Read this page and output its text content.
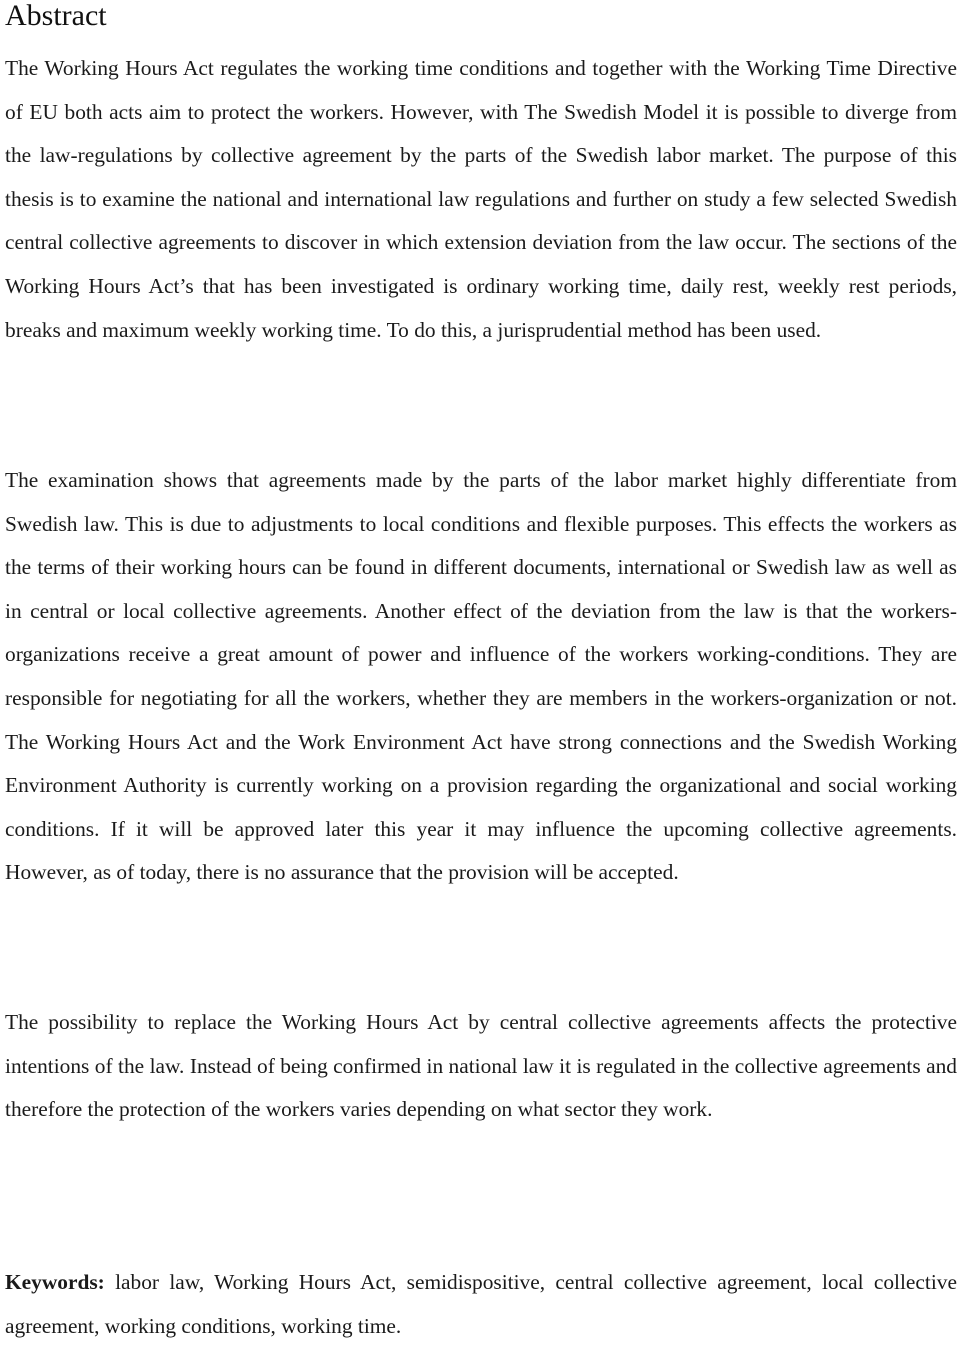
Abstract

The Working Hours Act regulates the working time conditions and together with the Working Time Directive of EU both acts aim to protect the workers. However, with The Swedish Model it is possible to diverge from the law-regulations by collective agreement by the parts of the Swedish labor market. The purpose of this thesis is to examine the national and international law regulations and further on study a few selected Swedish central collective agreements to discover in which extension deviation from the law occur. The sections of the Working Hours Act’s that has been investigated is ordinary working time, daily rest, weekly rest periods, breaks and maximum weekly working time. To do this, a jurisprudential method has been used.

The examination shows that agreements made by the parts of the labor market highly differentiate from Swedish law. This is due to adjustments to local conditions and flexible purposes. This effects the workers as the terms of their working hours can be found in different documents, international or Swedish law as well as in central or local collective agreements. Another effect of the deviation from the law is that the workers-organizations receive a great amount of power and influence of the workers working-conditions. They are responsible for negotiating for all the workers, whether they are members in the workers-organization or not. The Working Hours Act and the Work Environment Act have strong connections and the Swedish Working Environment Authority is currently working on a provision regarding the organizational and social working conditions. If it will be approved later this year it may influence the upcoming collective agreements. However, as of today, there is no assurance that the provision will be accepted.

The possibility to replace the Working Hours Act by central collective agreements affects the protective intentions of the law. Instead of being confirmed in national law it is regulated in the collective agreements and therefore the protection of the workers varies depending on what sector they work.

Keywords: labor law, Working Hours Act, semidispositive, central collective agreement, local collective agreement, working conditions, working time.
